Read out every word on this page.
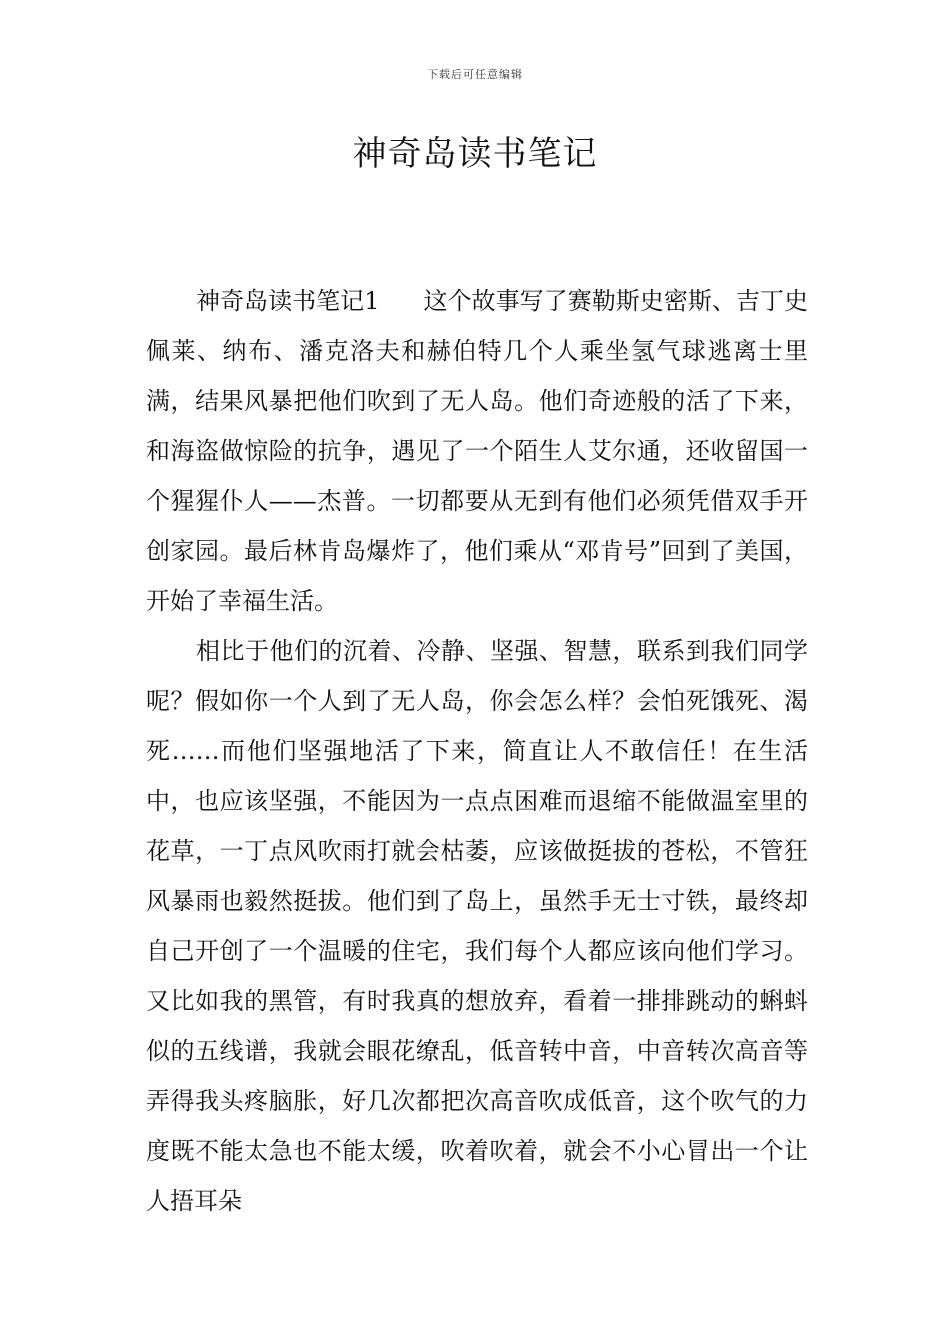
下载后可任意编辑
神奇岛读书笔记

神奇岛读书笔记1 这个故事写了赛勒斯史密斯、吉丁史佩莱、纳布、潘克洛夫和赫伯特几个人乘坐氢气球逃离士里满，结果风暴把他们吹到了无人岛。他们奇迹般的活了下来，和海盗做惊险的抗争，遇见了一个陌生人艾尔通，还收留国一个猩猩仆人——杰普。一切都要从无到有他们必须凭借双手开创家园。最后林肯岛爆炸了，他们乘从“邓肯号”回到了美国，开始了幸福生活。

相比于他们的沉着、冷静、坚强、智慧，联系到我们同学呢？假如你一个人到了无人岛，你会怎么样？会怕死饿死、渴死……而他们坚强地活了下来，简直让人不敢信任！在生活中，也应该坚强，不能因为一点点困难而退缩不能做温室里的花草，一丁点风吹雨打就会枯萎，应该做挺拔的苍松，不管狂风暴雨也毅然挺拔。他们到了岛上，虽然手无士寸铁，最终却自己开创了一个温暖的住宅，我们每个人都应该向他们学习。又比如我的黑管，有时我真的想放弃，看着一排排跳动的蝌蚪似的五线谱，我就会眼花缭乱，低音转中音，中音转次高音等弄得我头疼脑胀，好几次都把次高音吹成低音，这个吹气的力度既不能太急也不能太缓，吹着吹着，就会不小心冒出一个让人捂耳朵
